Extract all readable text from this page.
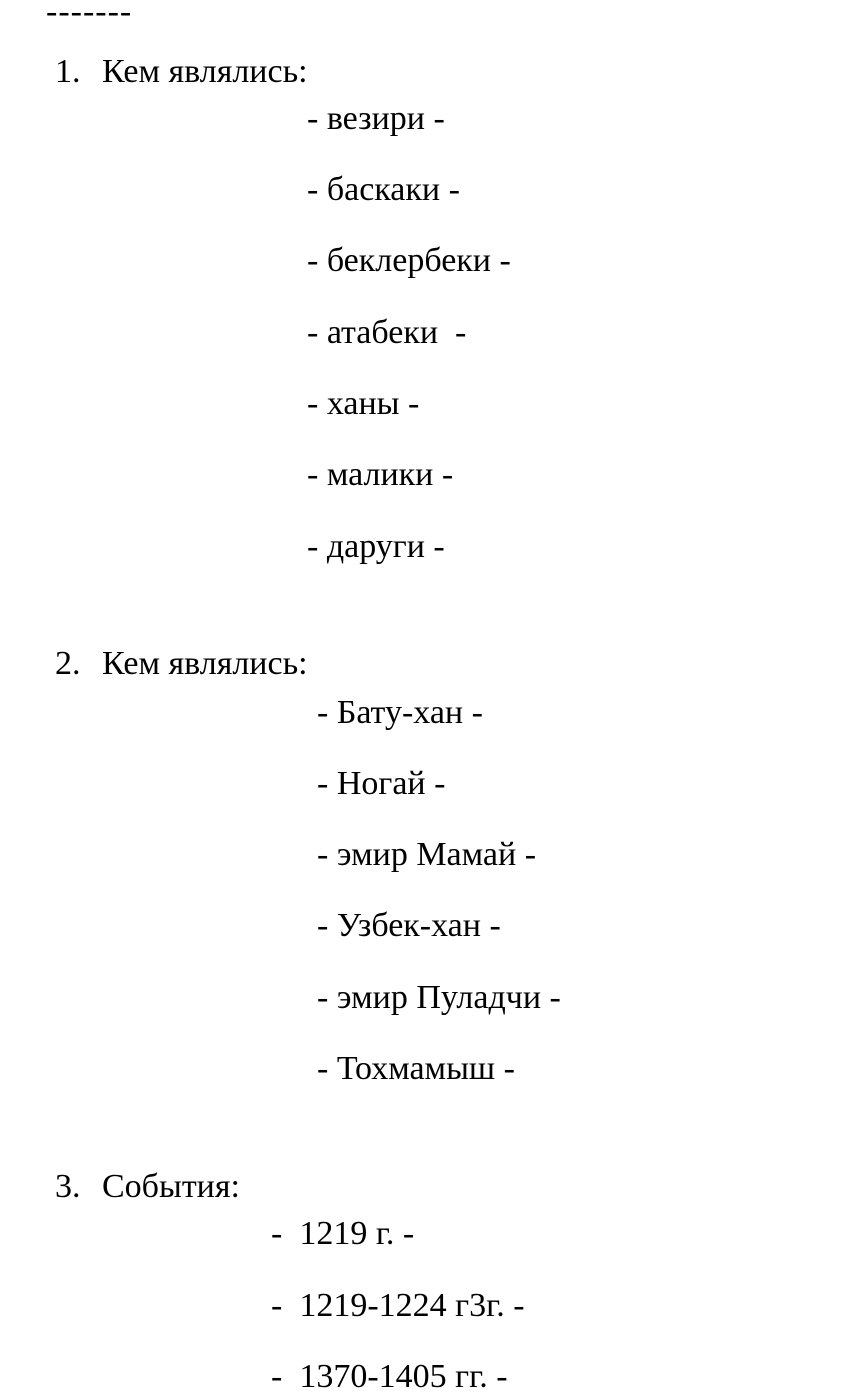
-------
1. Кем являлись:
- везири -
- баскаки -
- беклербеки -
- атабеки  -
- ханы -
- малики -
- даруги -
2. Кем являлись:
- Бату-хан -
- Ногай -
- эмир Мамай -
- Узбек-хан -
- эмир Пуладчи -
- Тохмамыш -
3. События:
-  1219 г. -
-  1219-1224 г3г. -
-  1370-1405 гг. -
